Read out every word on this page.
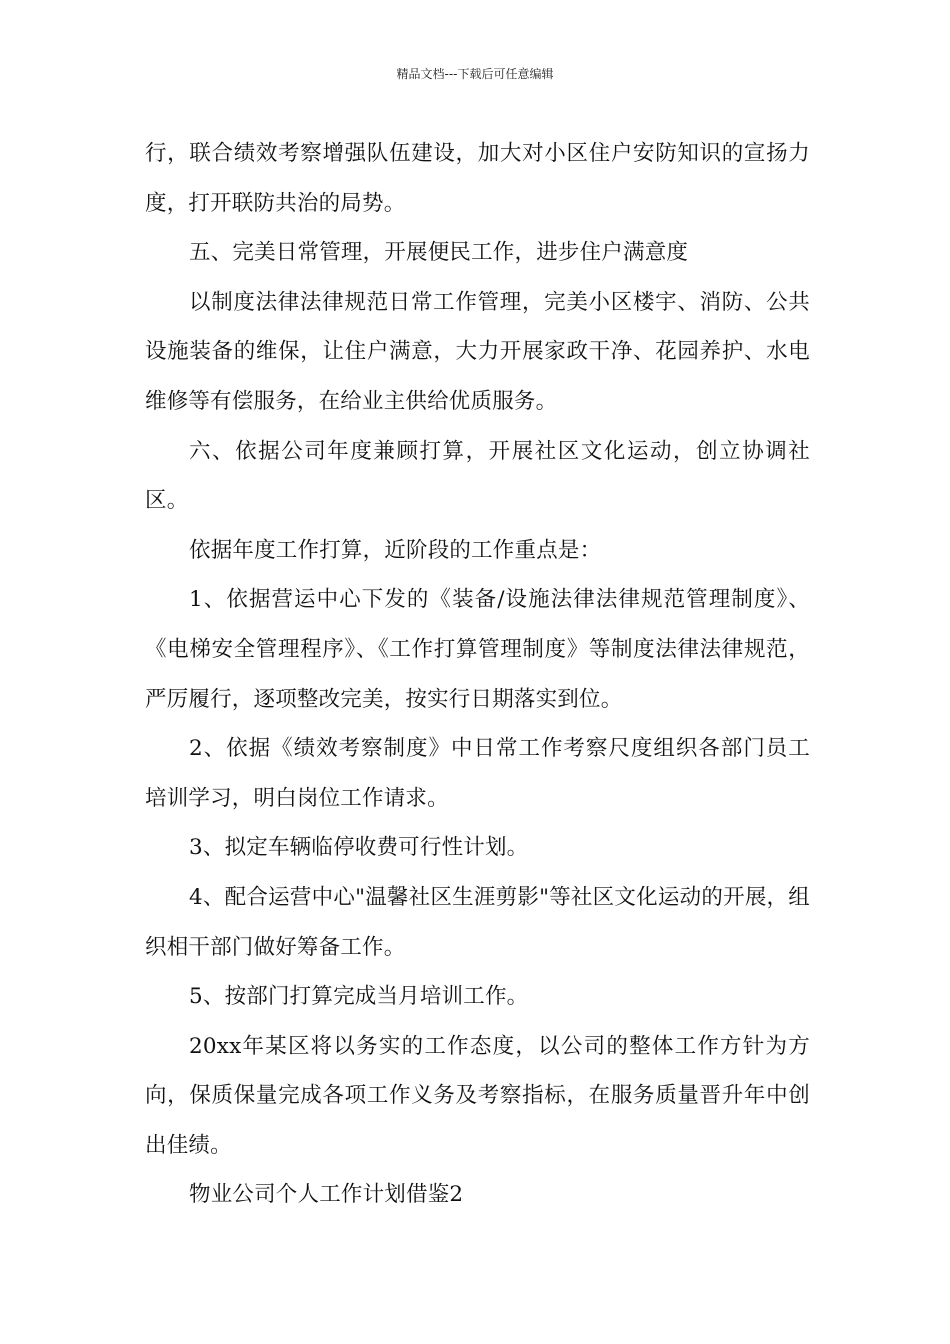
精品文档---下载后可任意编辑

行，联合绩效考察增强队伍建设，加大对小区住户安防知识的宣扬力度，打开联防共治的局势。

五、完美日常管理，开展便民工作，进步住户满意度

以制度法律法律规范日常工作管理，完美小区楼宇、消防、公共设施装备的维保，让住户满意，大力开展家政干净、花园养护、水电维修等有偿服务，在给业主供给优质服务。

六、依据公司年度兼顾打算，开展社区文化运动，创立协调社区。

依据年度工作打算，近阶段的工作重点是：

1、依据营运中心下发的《装备/设施法律法律规范管理制度》、《电梯安全管理程序》、《工作打算管理制度》等制度法律法律规范，严厉履行，逐项整改完美，按实行日期落实到位。

2、依据《绩效考察制度》中日常工作考察尺度组织各部门员工培训学习，明白岗位工作请求。

3、拟定车辆临停收费可行性计划。

4、配合运营中心"温馨社区生涯剪影"等社区文化运动的开展，组织相干部门做好筹备工作。

5、按部门打算完成当月培训工作。

20xx年某区将以务实的工作态度，以公司的整体工作方针为方向，保质保量完成各项工作义务及考察指标，在服务质量晋升年中创出佳绩。

物业公司个人工作计划借鉴2
